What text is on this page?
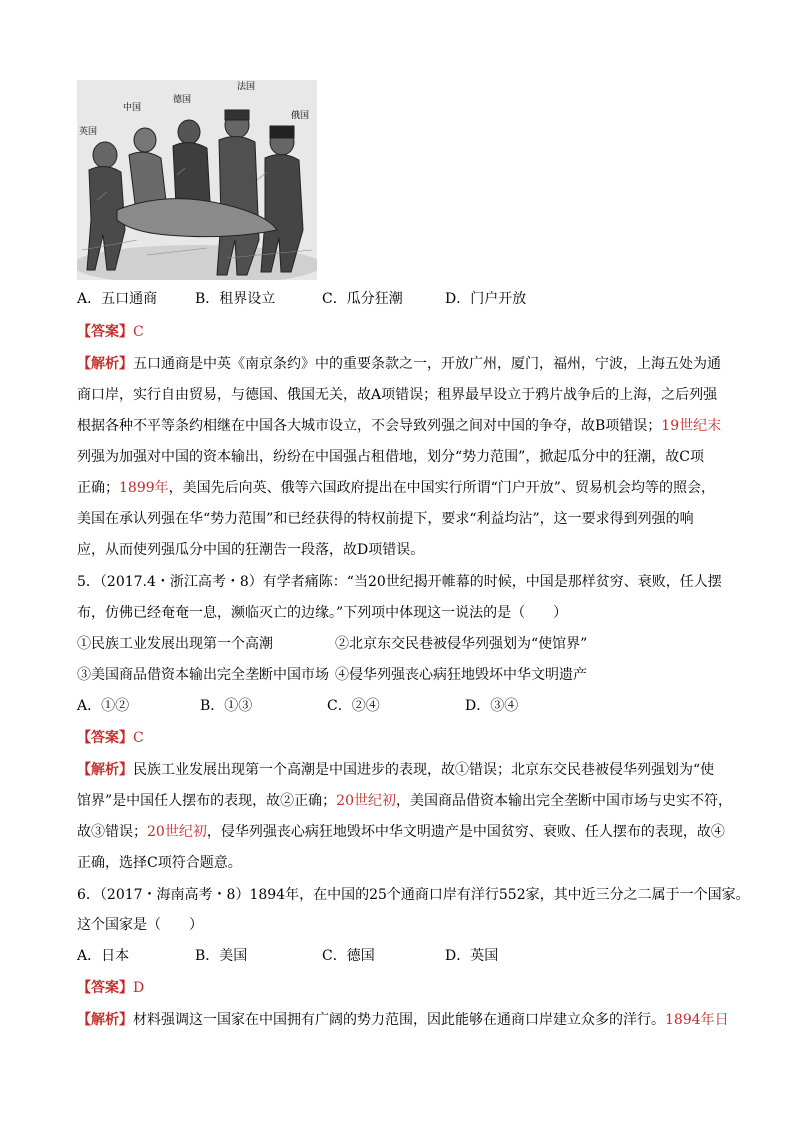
英国
中国
德国
法国
俄国
A．五口通商	B．租界设立	C．瓜分狂潮	D．门户开放
【答案】C
【解析】五口通商是中英《南京条约》中的重要条款之一，开放广州，厦门，福州，宁波，上海五处为通
商口岸，实行自由贸易，与德国、俄国无关，故A项错误；租界最早设立于鸦片战争后的上海，之后列强
根据各种不平等条约相继在中国各大城市设立，不会导致列强之间对中国的争夺，故B项错误；19世纪末
列强为加强对中国的资本输出，纷纷在中国强占租借地，划分“势力范围”，掀起瓜分中的狂潮，故C项
正确；1899年，美国先后向英、俄等六国政府提出在中国实行所谓“门户开放”、贸易机会均等的照会，
美国在承认列强在华“势力范围”和已经获得的特权前提下，要求“利益均沾”，这一要求得到列强的响
应，从而使列强瓜分中国的狂潮告一段落，故D项错误。
5．（2017.4・浙江高考・8）有学者痛陈：“当20世纪揭开帷幕的时候，中国是那样贫穷、衰败，任人摆
布，仿佛已经奄奄一息，濒临灭亡的边缘。”下列项中体现这一说法的是（　　）
①民族工业发展出现第一个高潮	②北京东交民巷被侵华列强划为“使馆界”
③美国商品借资本输出完全垄断中国市场 ④侵华列强丧心病狂地毁坏中华文明遗产
A．①②	B．①③	C．②④	D．③④
【答案】C
【解析】民族工业发展出现第一个高潮是中国进步的表现，故①错误；北京东交民巷被侵华列强划为“使
馆界”是中国任人摆布的表现，故②正确；20世纪初，美国商品借资本输出完全垄断中国市场与史实不符，
故③错误；20世纪初，侵华列强丧心病狂地毁坏中华文明遗产是中国贫穷、衰败、任人摆布的表现，故④
正确，选择C项符合题意。
6．（2017・海南高考・8）1894年，在中国的25个通商口岸有洋行552家，其中近三分之二属于一个国家。
这个国家是（　　）
A．日本	B．美国	C．德国	D．英国
【答案】D
【解析】材料强调这一国家在中国拥有广阔的势力范围，因此能够在通商口岸建立众多的洋行。1894年日
